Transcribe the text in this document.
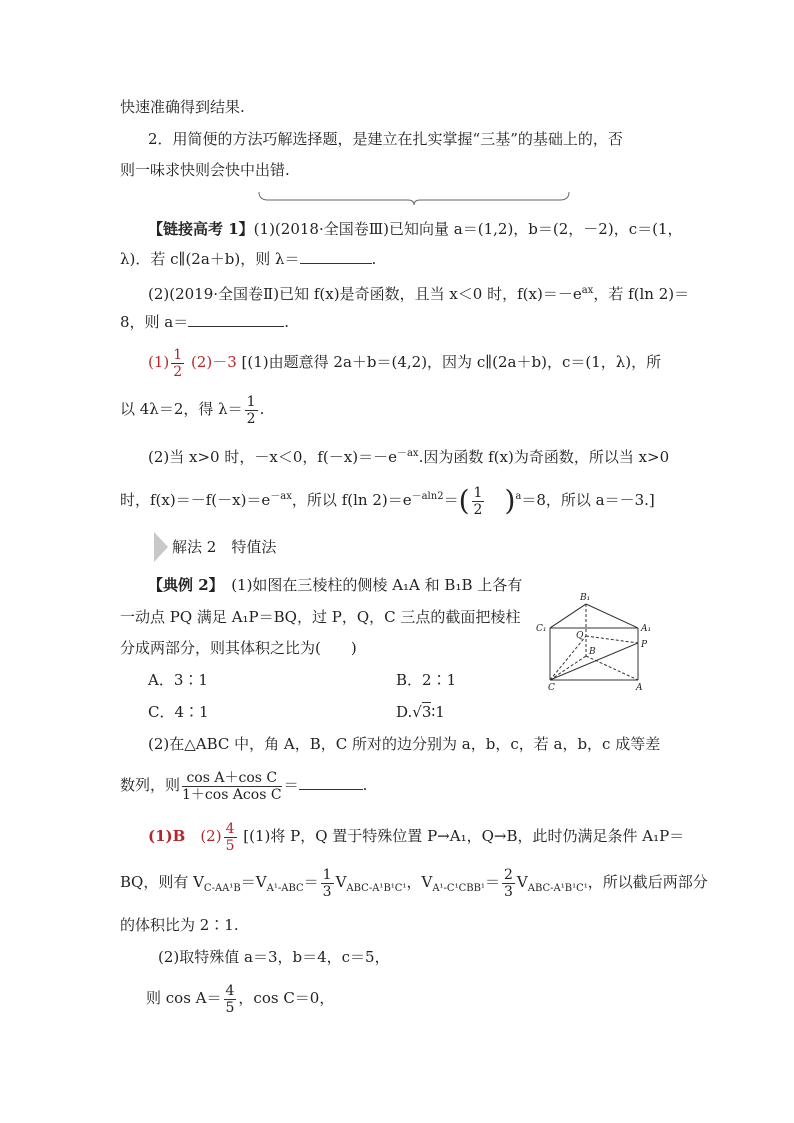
快速准确得到结果.
2．用简便的方法巧解选择题，是建立在扎实掌握“三基”的基础上的，否
则一味求快则会快中出错.
【链接高考 1】(1)(2018·全国卷Ⅲ)已知向量 a＝(1,2)，b＝(2，－2)，c＝(1，
λ)．若 c∥(2a＋b)，则 λ＝	.
(2)(2019·全国卷Ⅱ)已知 f(x)是奇函数，且当 x＜0 时，$f(x)=-e^{ax}$，若 f(ln 2)＝
8，则 a＝	.
$(1) \frac{1}{2} (2)-3$ [(1)由题意得 2a＋b＝(4,2)，因为 c∥(2a＋b)，c＝(1，λ)，所
以 4λ＝2，得 $\lambda= \frac{1}{2}$ .
(2)当 x>0 时，－x＜0，$f(-x)=-e^{-ax}$.因为函数 f(x)为奇函数，所以当 x>0
时，$f(x)=-f(-x)=e^{-ax}$，所以 f(ln $2)=e^{-aln2}=( \frac{1}{2} )^a=8$，所以 a＝－3.]
解法 2　 特值法
【典例 2】　 (1)如图在三棱柱的侧棱 A₁A 和 B₁B 上各有
一动点 PQ 满足 A₁P＝BQ，过 P，Q，C 三点的截面把棱柱
分成两部分，则其体积之比为(　　)
A．3∶1	B．2∶1
C．4∶1	D.√3∶1
B₁
C₁	A₁
Q
B
P
C	A
(2)在△ABC 中，角 A，B，C 所对的边分别为 a，b，c，若 a，b，c 成等差
数列，则 $\frac{\text{cos A＋cos C}}{\text{1＋cos Acos C}}$ ＝	.
(1)B　 $(2) \frac{4}{5} [(1)$将 P，Q 置于特殊位置 P→A₁，Q→B，此时仍满足条件 A₁P＝
BQ，则有 $V_{C-AA^1B}=V_{A^1-ABC}= \frac{1}{3} V_{ABC-A^1B^1C^1}$，$V_{A^1-C^1CBB^1}= \frac{2}{3} V_{ABC-A^1B^1C^1}$，所以截后两部分
的体积比为 2∶1.
(2)取特殊值 a＝3，b＝4，c＝5，
则 $\cos A= \frac{4}{5}$ ，cos C＝0，
